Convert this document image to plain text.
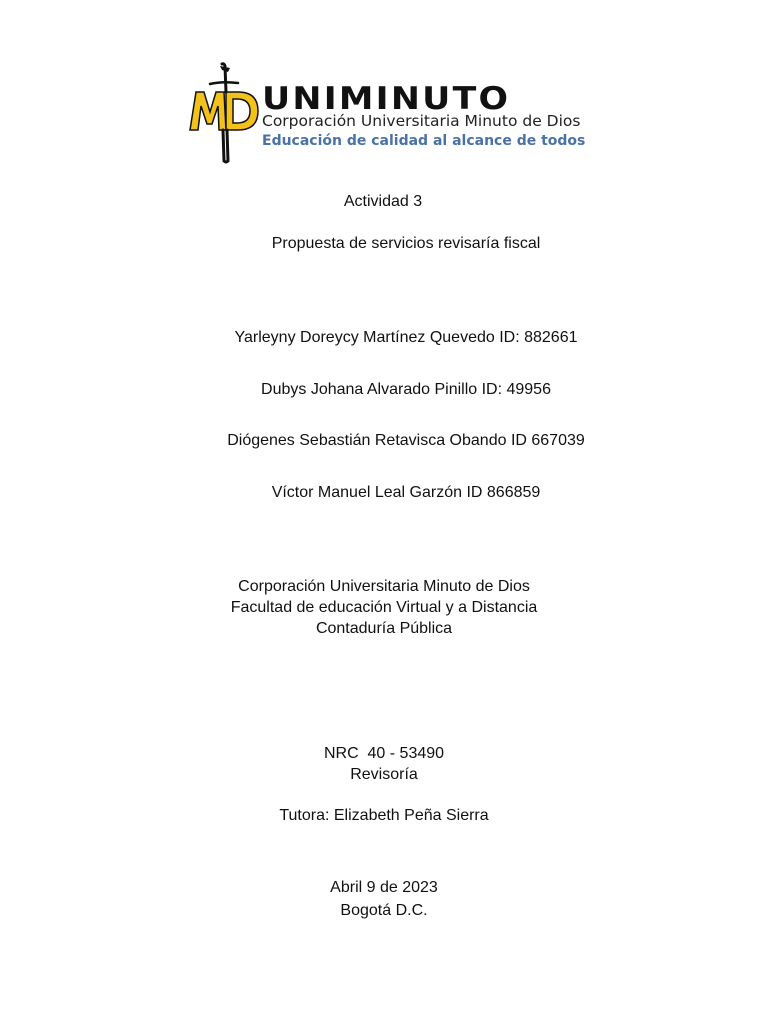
UNIMINUTO
Corporación Universitaria Minuto de Dios
Educación de calidad al alcance de todos
Actividad 3
Propuesta de servicios revisaría fiscal
Yarleyny Doreycy Martínez Quevedo ID: 882661
Dubys Johana Alvarado Pinillo ID: 49956
Diógenes Sebastián Retavisca Obando ID 667039
Víctor Manuel Leal Garzón ID 866859
Corporación Universitaria Minuto de Dios
Facultad de educación Virtual y a Distancia
Contaduría Pública
NRC  40 - 53490
Revisoría
Tutora: Elizabeth Peña Sierra
Abril 9 de 2023
Bogotá D.C.
